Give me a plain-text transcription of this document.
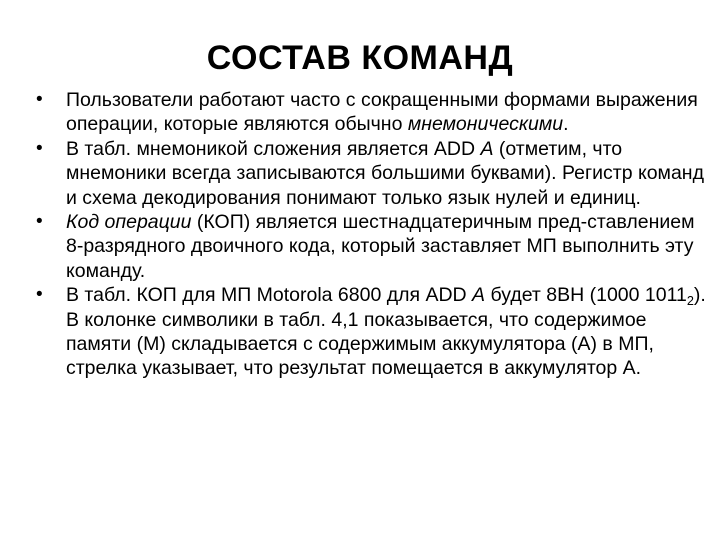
СОСТАВ КОМАНД
• Пользователи работают часто с сокращенными формами выражения операции, которые являются обычно мнемоническими.
• В табл. мнемоникой сложения является ADD A (отметим, что мнемоники всегда записываются большими буквами). Регистр команд и схема декодирования понимают только язык нулей и единиц.
• Код операции (КОП) является шестнадцатеричным пред-ставлением 8-разрядного двоичного кода, который заставляет МП выполнить эту команду.
• В табл. КОП для МП Motorola 6800 для ADD A будет 8ВН (1000 $1011_2$). В колонке символики в табл. 4,1 показывается, что содержимое памяти (М) складывается с содержимым аккумулятора (А) в МП, стрелка указывает, что результат помещается в аккумулятор А.
